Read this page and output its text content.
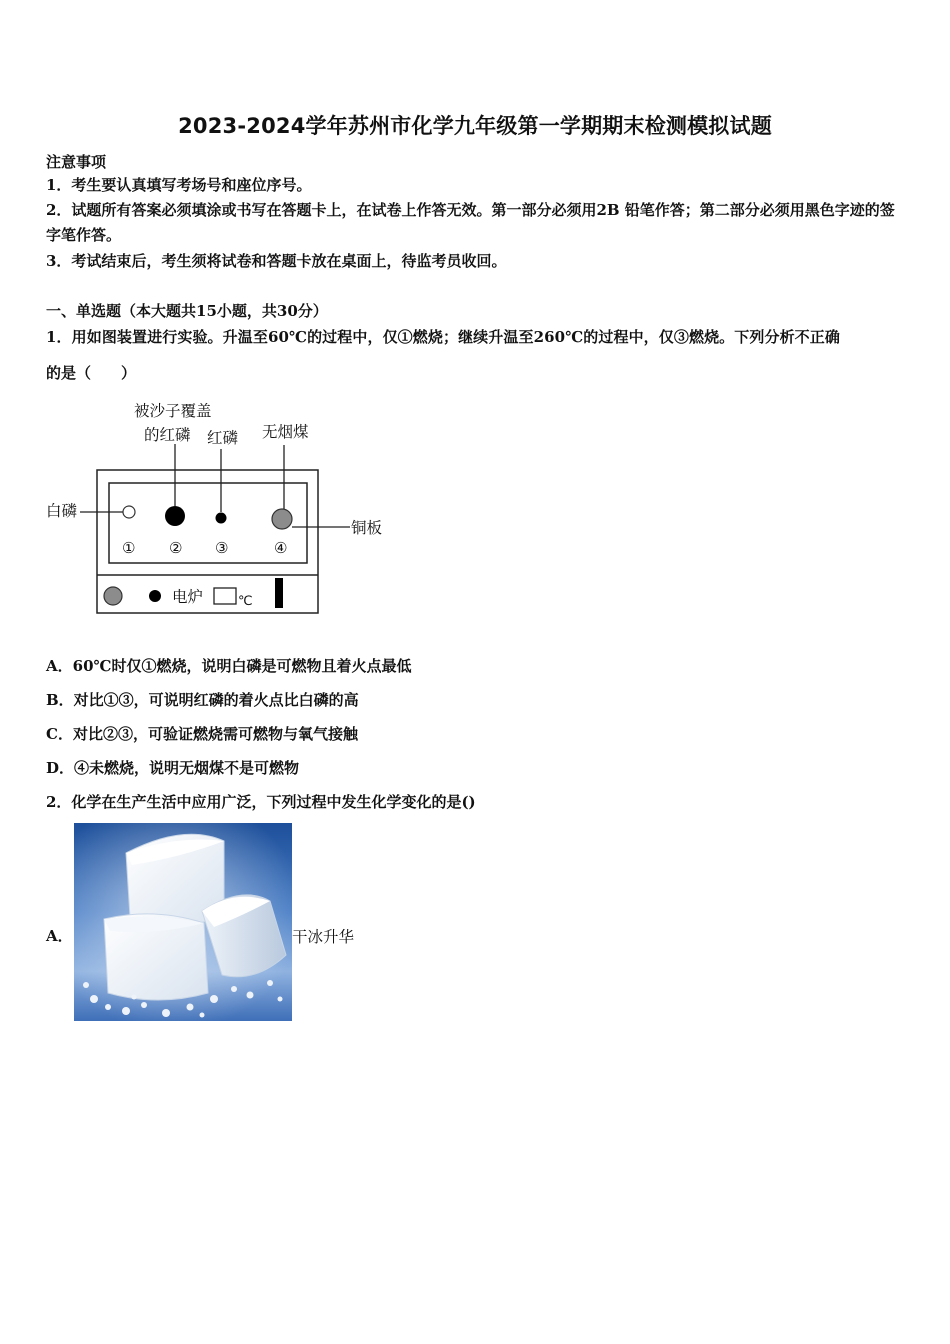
2023-2024学年苏州市化学九年级第一学期期末检测模拟试题
注意事项
1．考生要认真填写考场号和座位序号。
2．试题所有答案必须填涂或书写在答题卡上，在试卷上作答无效。第一部分必须用2B 铅笔作答；第二部分必须用黑色字迹的签字笔作答。
3．考试结束后，考生须将试卷和答题卡放在桌面上，待监考员收回。
一、单选题（本大题共15小题，共30分）
1．用如图装置进行实验。升温至60℃的过程中，仅①燃烧；继续升温至260℃的过程中，仅③燃烧。下列分析不正确
的是（　　）
被沙子覆盖
的红磷 红磷 无烟煤
白磷
铜板
① ② ③	④
电炉	℃
A．60℃时仅①燃烧，说明白磷是可燃物且着火点最低
B．对比①③，可说明红磷的着火点比白磷的高
C．对比②③，可验证燃烧需可燃物与氧气接触
D．④未燃烧，说明无烟煤不是可燃物
2．化学在生产生活中应用广泛，下列过程中发生化学变化的是()
A．	干冰升华
